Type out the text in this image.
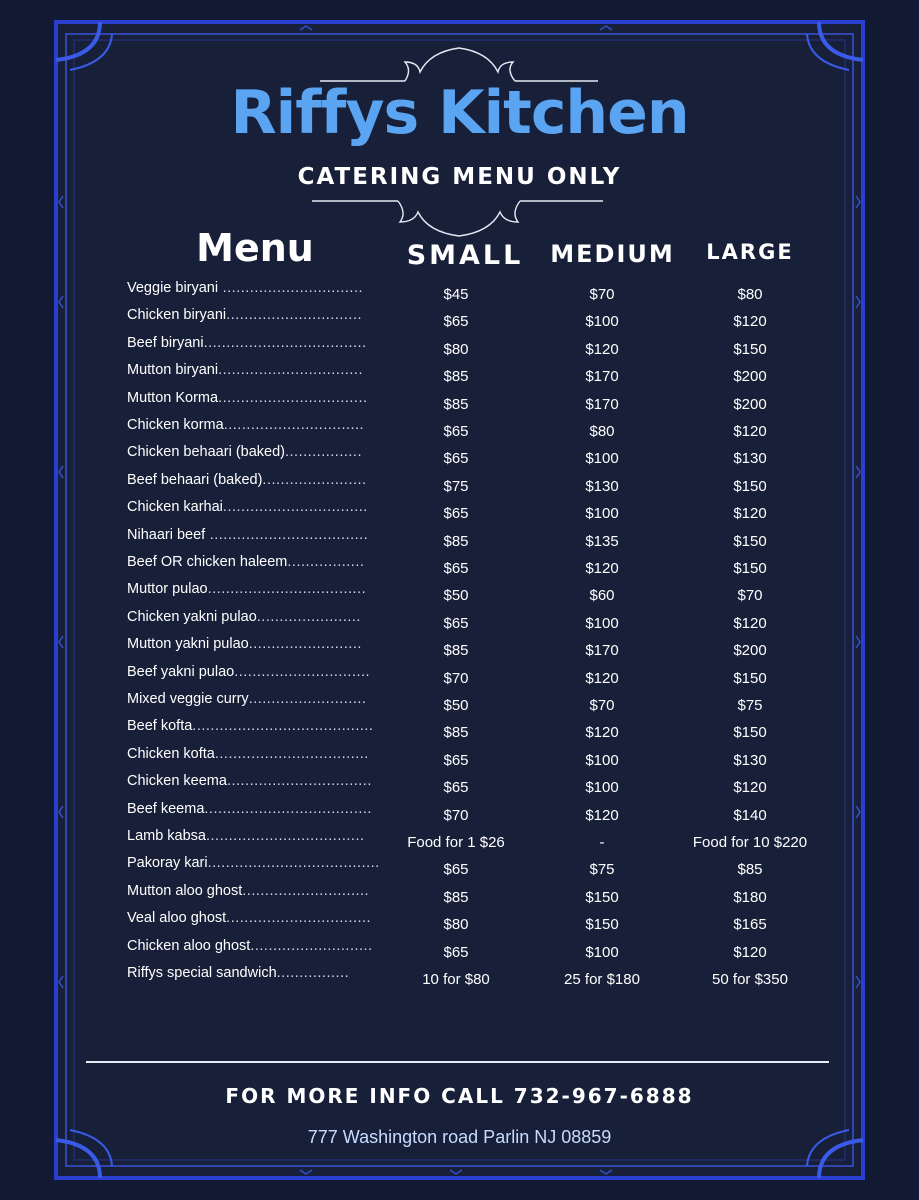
Riffys Kitchen
CATERING MENU ONLY
Menu	SMALL	MEDIUM	LARGE
Veggie biryani ...............................	$45	$70	$80
Chicken biryani..............................	$65	$100	$120
Beef biryani....................................	$80	$120	$150
Mutton biryani................................	$85	$170	$200
Mutton Korma.................................	$85	$170	$200
Chicken korma...............................	$65	$80	$120
Chicken behaari (baked).................	$65	$100	$130
Beef behaari (baked).......................	$75	$130	$150
Chicken karhai................................	$65	$100	$120
Nihaari beef ...................................	$85	$135	$150
Beef OR chicken haleem.................	$65	$120	$150
Muttor pulao...................................	$50	$60	$70
Chicken yakni pulao.......................	$65	$100	$120
Mutton yakni pulao.........................	$85	$170	$200
Beef yakni pulao..............................	$70	$120	$150
Mixed veggie curry..........................	$50	$70	$75
Beef kofta........................................	$85	$120	$150
Chicken kofta..................................	$65	$100	$130
Chicken keema................................	$65	$100	$120
Beef keema.....................................	$70	$120	$140
Lamb kabsa...................................	Food for 1 $26	-	Food for 10 $220
Pakoray kari......................................	$65	$75	$85
Mutton aloo ghost............................	$85	$150	$180
Veal aloo ghost................................	$80	$150	$165
Chicken aloo ghost...........................	$65	$100	$120
Riffys special sandwich................	10 for $80	25 for $180	50 for $350
FOR MORE INFO CALL 732-967-6888
777 Washington road Parlin NJ 08859
